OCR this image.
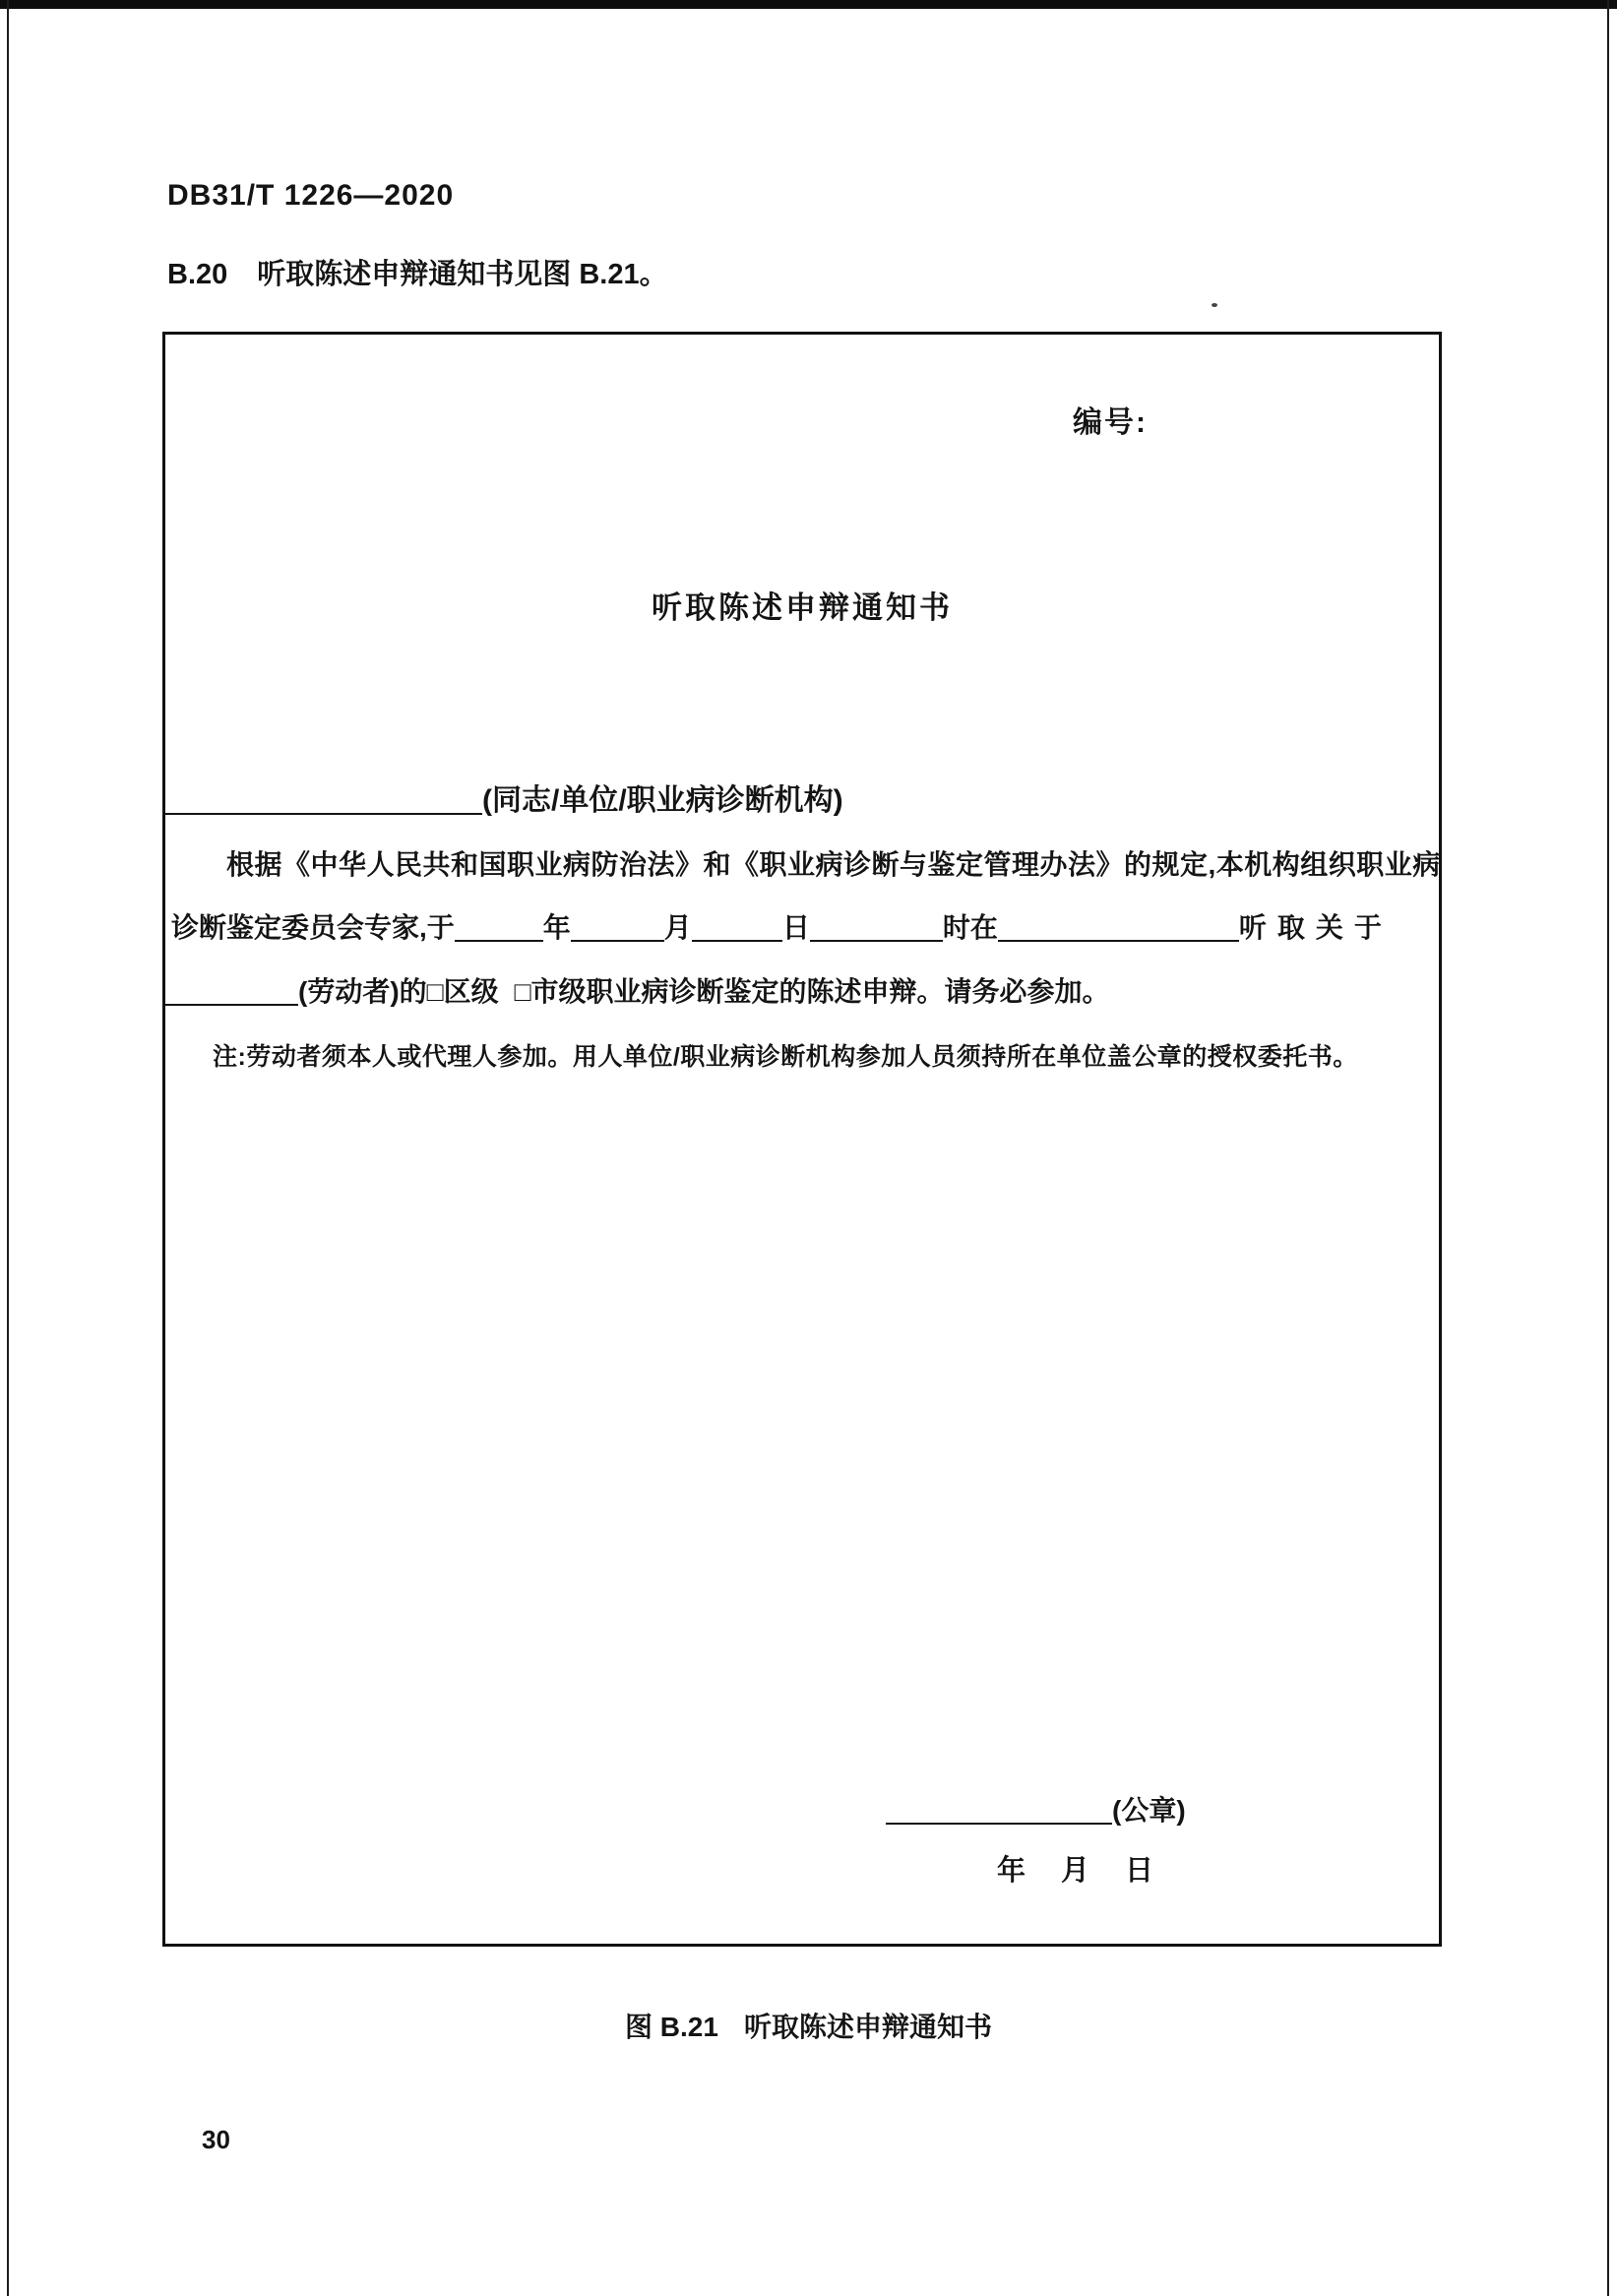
DB31/T 1226—2020
B.20 听取陈述申辩通知书见图 B.21。
编号:
听取陈述申辩通知书
(同志/单位/职业病诊断机构)
根据《中华人民共和国职业病防治法》和《职业病诊断与鉴定管理办法》的规定,本机构组织职业病
诊断鉴定委员会专家,于	年	月	日	时在	听取关于
(劳动者)的□区级 □市级职业病诊断鉴定的陈述申辩。请务必参加。
注:劳动者须本人或代理人参加。用人单位/职业病诊断机构参加人员须持所在单位盖公章的授权委托书。
(公章)
年 月 日
图 B.21 听取陈述申辩通知书
30
